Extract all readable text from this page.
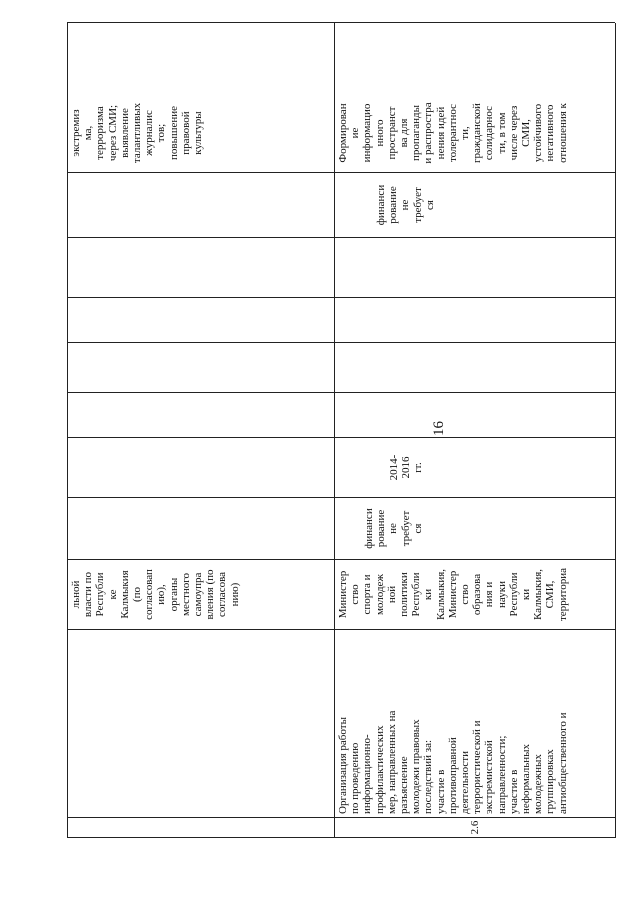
16
2.6
Организация работы по проведению информационно- профилактических мер, направленных на разъяснение молодежи правовых последствий за: участие в противоправной деятельности террористической и экстремистской направленности; участие в неформальных молодежных группировках антиобщественного и
льной власти по Республи ке Калмыкия (по согласовап ию), органы местного самоупра вления (по согласова нию)	Министер ство спорта и молодеж ной политики Республи ки Калмыкия, Министер ство образова ния и науки Республи ки Калмыкия, СМИ, территориа
финанси рование не требует ся
2014- 2016 гг.
финанси рование не требует ся
экстремиз ма, терроризма через СМИ; выявление талантливых журналис тов; повышение правовой культуры	Формирован ие информацио нного пространст ва для пропаганды и распростра нения идей толерантнос ти, гражданской солидарнос ти, в том числе через СМИ, устойчивого негативного отношения к
